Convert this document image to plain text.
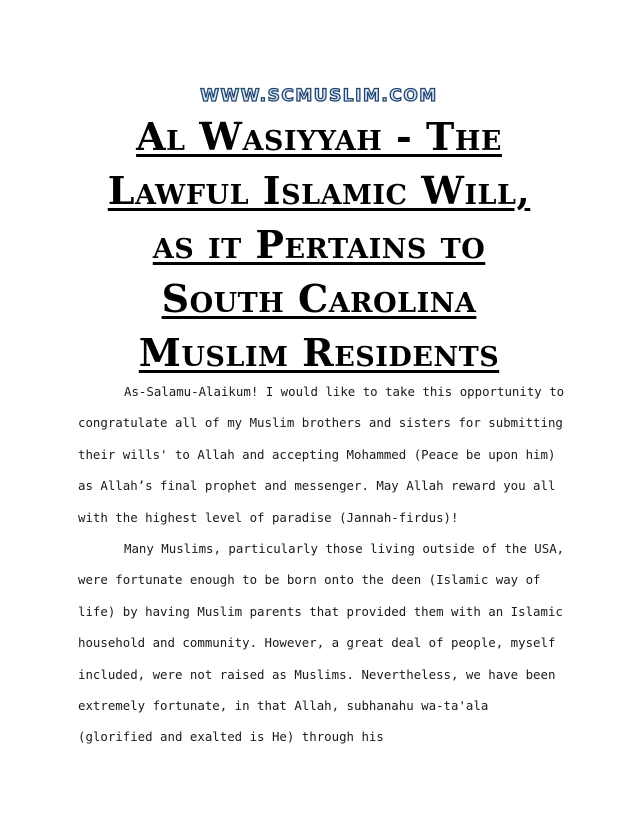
WWW.SCMUSLIM.COM
Al Wasiyyah - The
Lawful Islamic Will,
as it Pertains to
South Carolina
Muslim Residents

As-Salamu-Alaikum! I would like to take this opportunity to congratulate all of my Muslim brothers and sisters for submitting their wills' to Allah and accepting Mohammed (Peace be upon him) as Allah’s final prophet and messenger. May Allah reward you all with the highest level of paradise (Jannah-firdus)!

Many Muslims, particularly those living outside of the USA, were fortunate enough to be born onto the deen (Islamic way of life) by having Muslim parents that provided them with an Islamic household and community. However, a great deal of people, myself included, were not raised as Muslims. Nevertheless, we have been extremely fortunate, in that Allah, subhanahu wa-ta'ala (glorified and exalted is He) through his
